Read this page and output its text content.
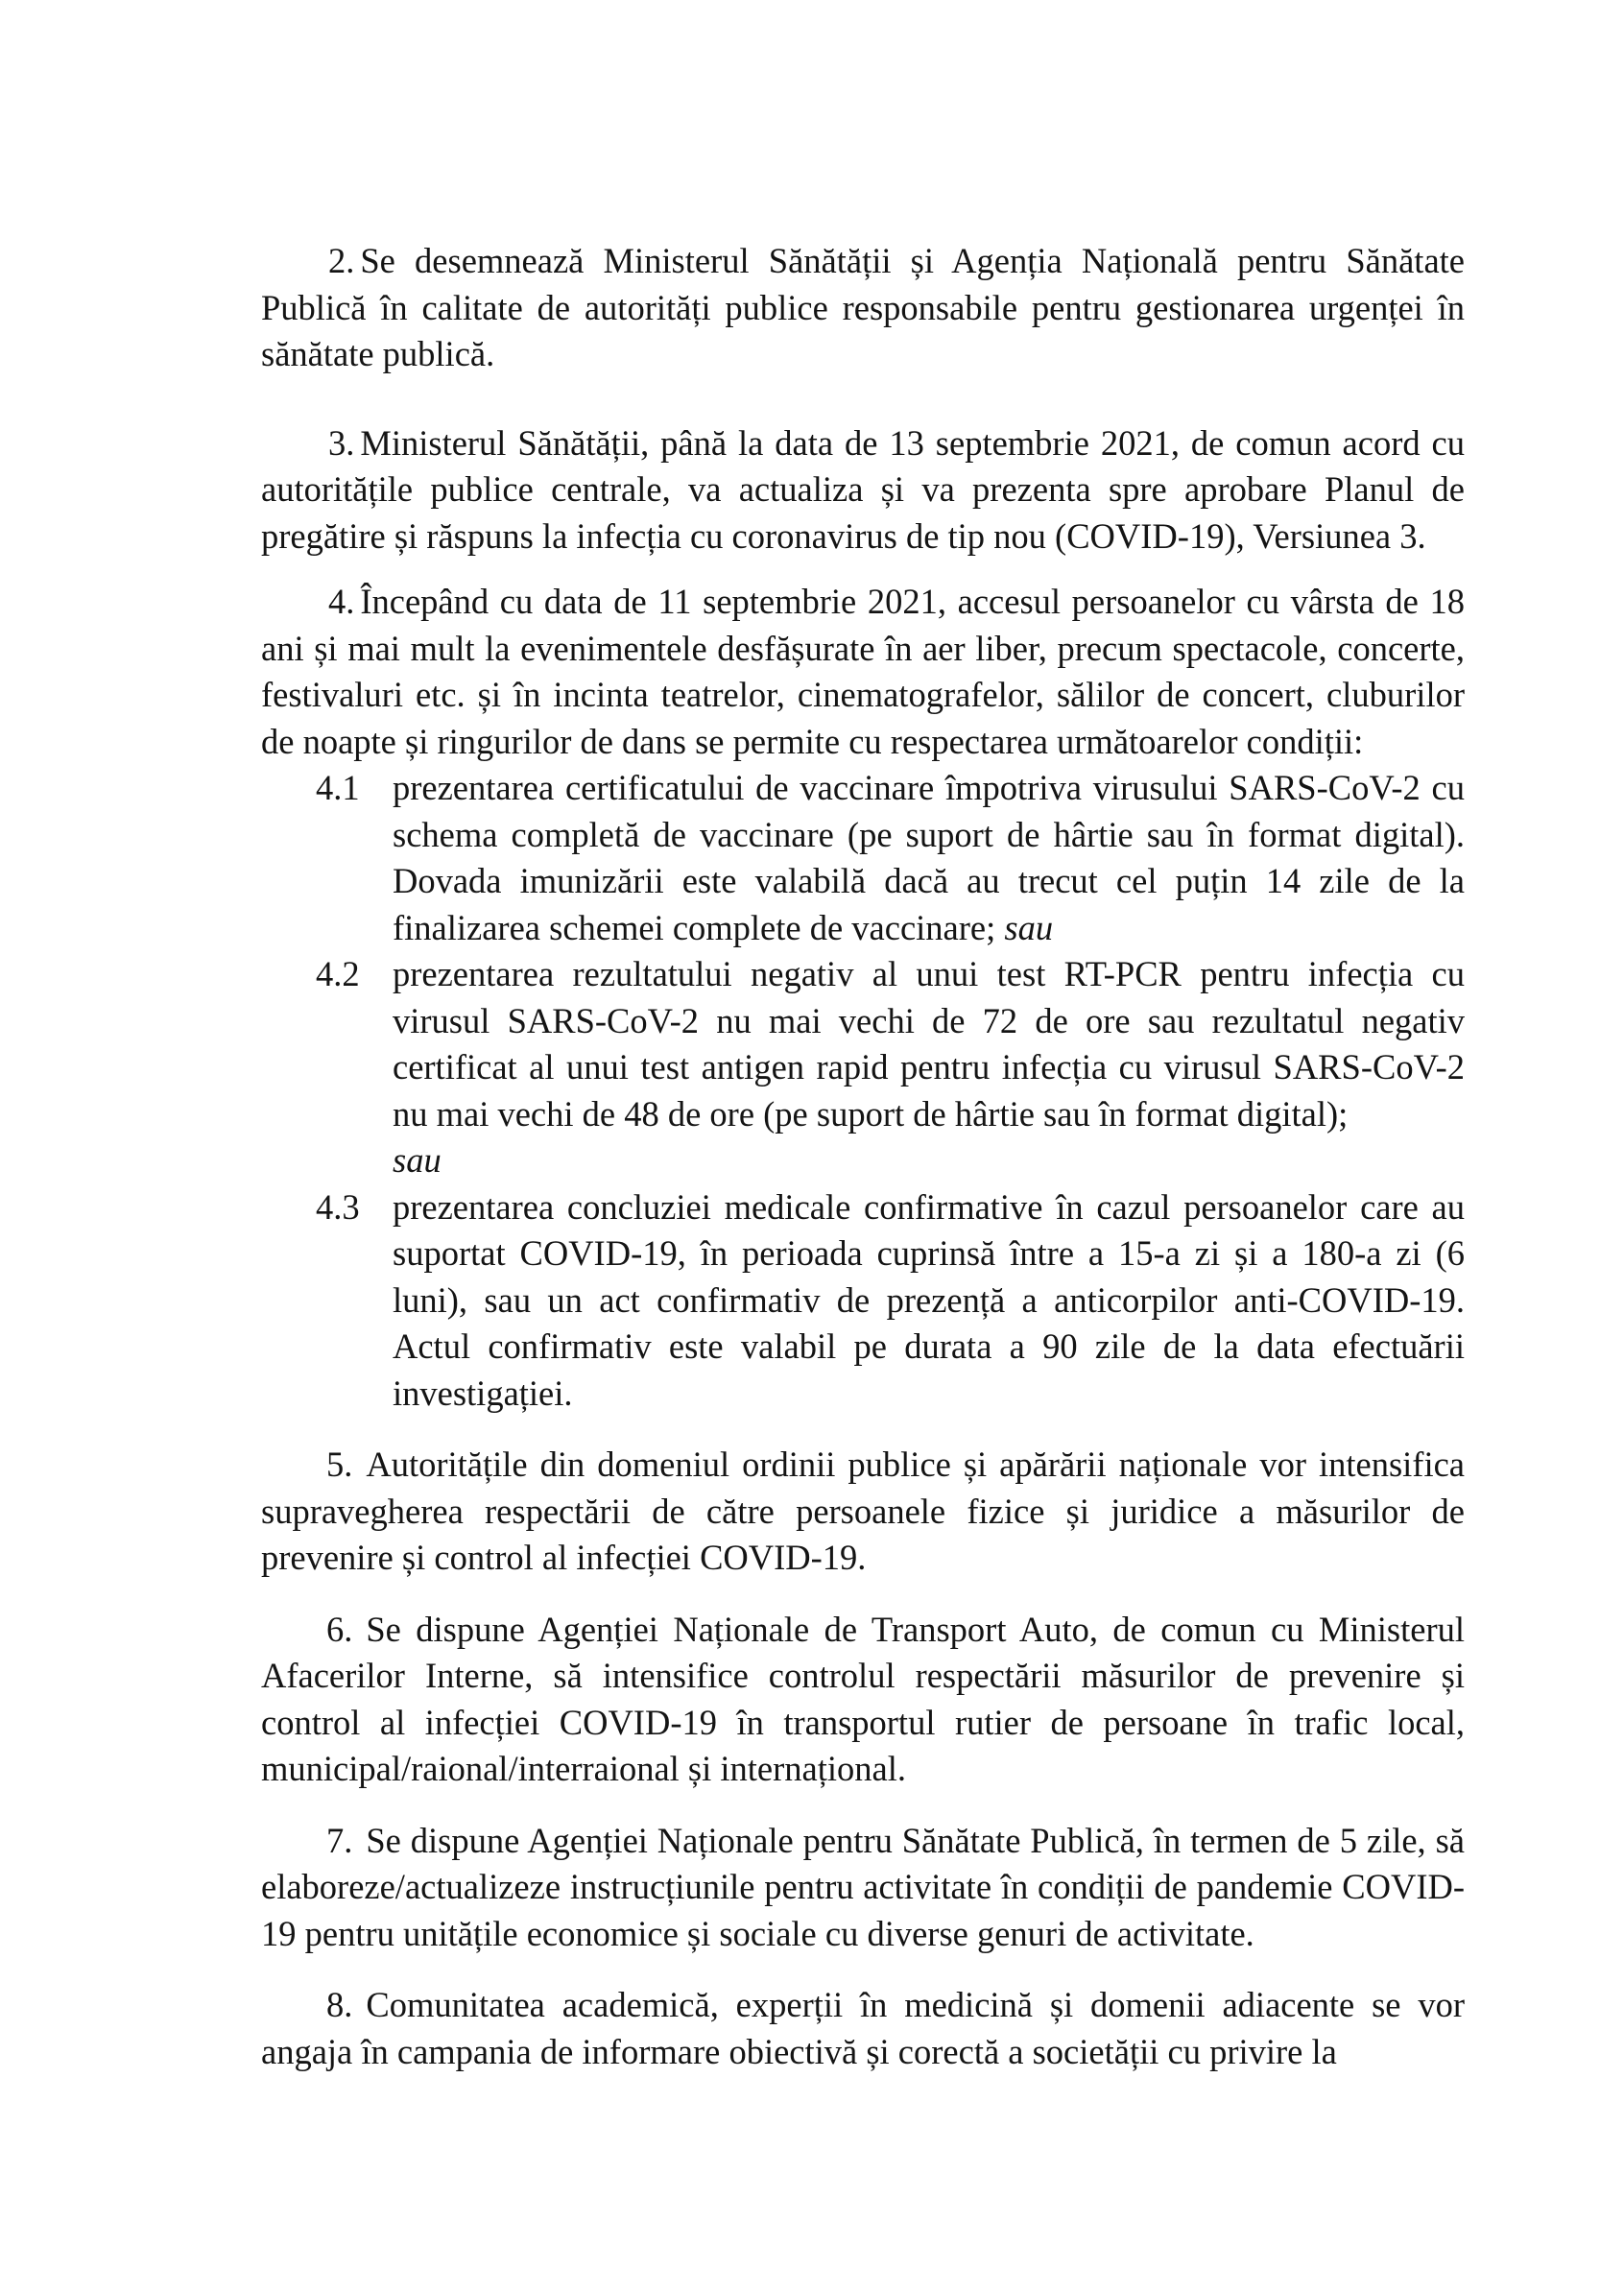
2. Se desemnează Ministerul Sănătății și Agenția Națională pentru Sănătate Publică în calitate de autorități publice responsabile pentru gestionarea urgenței în sănătate publică.

3. Ministerul Sănătății, până la data de 13 septembrie 2021, de comun acord cu autoritățile publice centrale, va actualiza și va prezenta spre aprobare Planul de pregătire și răspuns la infecția cu coronavirus de tip nou (COVID-19), Versiunea 3.

4. Începând cu data de 11 septembrie 2021, accesul persoanelor cu vârsta de 18 ani și mai mult la evenimentele desfășurate în aer liber, precum spectacole, concerte, festivaluri etc. și în incinta teatrelor, cinematografelor, sălilor de concert, cluburilor de noapte și ringurilor de dans se permite cu respectarea următoarelor condiții:

4.1 prezentarea certificatului de vaccinare împotriva virusului SARS-CoV-2 cu schema completă de vaccinare (pe suport de hârtie sau în format digital). Dovada imunizării este valabilă dacă au trecut cel puțin 14 zile de la finalizarea schemei complete de vaccinare; sau
4.2 prezentarea rezultatului negativ al unui test RT-PCR pentru infecția cu virusul SARS-CoV-2 nu mai vechi de 72 de ore sau rezultatul negativ certificat al unui test antigen rapid pentru infecția cu virusul SARS-CoV-2 nu mai vechi de 48 de ore (pe suport de hârtie sau în format digital);
sau
4.3 prezentarea concluziei medicale confirmative în cazul persoanelor care au suportat COVID-19, în perioada cuprinsă între a 15-a zi și a 180-a zi (6 luni), sau un act confirmativ de prezență a anticorpilor anti-COVID-19. Actul confirmativ este valabil pe durata a 90 zile de la data efectuării investigației.

5. Autoritățile din domeniul ordinii publice și apărării naționale vor intensifica supravegherea respectării de către persoanele fizice și juridice a măsurilor de prevenire și control al infecției COVID-19.

6. Se dispune Agenției Naționale de Transport Auto, de comun cu Ministerul Afacerilor Interne, să intensifice controlul respectării măsurilor de prevenire și control al infecției COVID-19 în transportul rutier de persoane în trafic local, municipal/raional/interraional și internațional.

7. Se dispune Agenției Naționale pentru Sănătate Publică, în termen de 5 zile, să elaboreze/actualizeze instrucțiunile pentru activitate în condiții de pandemie COVID-19 pentru unitățile economice și sociale cu diverse genuri de activitate.

8. Comunitatea academică, experții în medicină și domenii adiacente se vor angaja în campania de informare obiectivă și corectă a societății cu privire la
